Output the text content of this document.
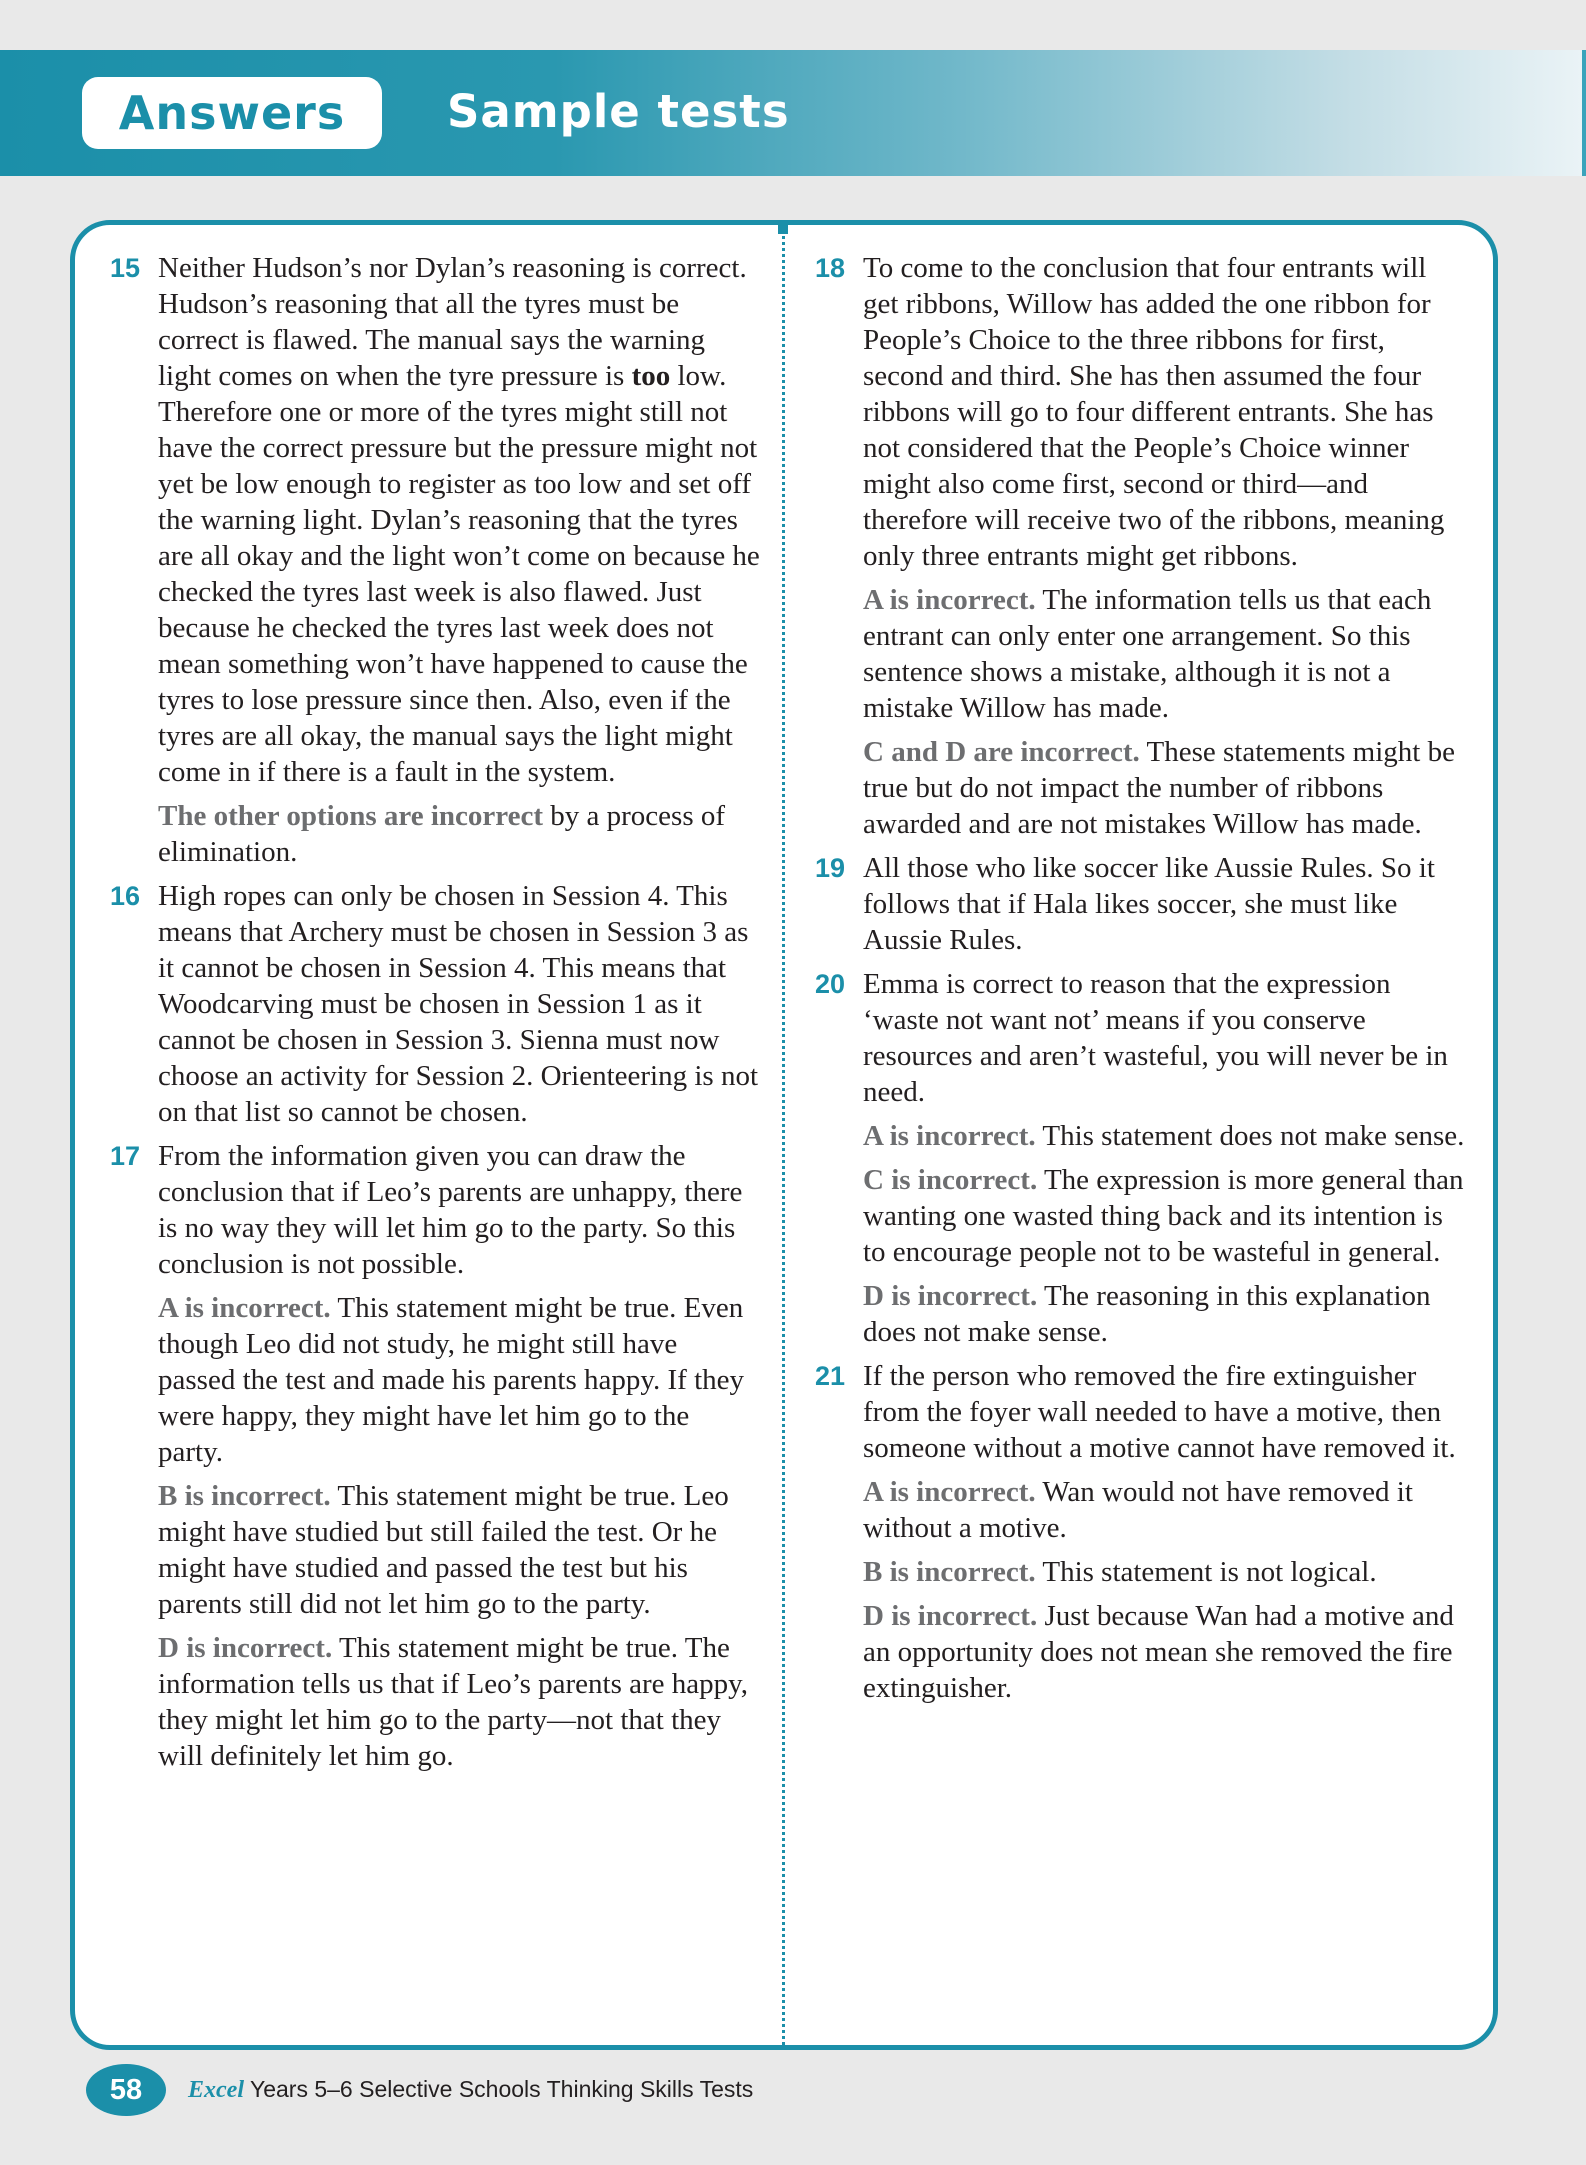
Answers	Sample tests
15 Neither Hudson’s nor Dylan’s reasoning is correct. Hudson’s reasoning that all the tyres must be correct is flawed. The manual says the warning light comes on when the tyre pressure is too low. Therefore one or more of the tyres might still not have the correct pressure but the pressure might not yet be low enough to register as too low and set off the warning light. Dylan’s reasoning that the tyres are all okay and the light won’t come on because he checked the tyres last week is also flawed. Just because he checked the tyres last week does not mean something won’t have happened to cause the tyres to lose pressure since then. Also, even if the tyres are all okay, the manual says the light might come in if there is a fault in the system.

The other options are incorrect by a process of elimination.

16 High ropes can only be chosen in Session 4. This means that Archery must be chosen in Session 3 as it cannot be chosen in Session 4. This means that Woodcarving must be chosen in Session 1 as it cannot be chosen in Session 3. Sienna must now choose an activity for Session 2. Orienteering is not on that list so cannot be chosen.

17 From the information given you can draw the conclusion that if Leo’s parents are unhappy, there is no way they will let him go to the party. So this conclusion is not possible.

A is incorrect. This statement might be true. Even though Leo did not study, he might still have passed the test and made his parents happy. If they were happy, they might have let him go to the party.

B is incorrect. This statement might be true. Leo might have studied but still failed the test. Or he might have studied and passed the test but his parents still did not let him go to the party.

D is incorrect. This statement might be true. The information tells us that if Leo’s parents are happy, they might let him go to the party—not that they will definitely let him go.

18 To come to the conclusion that four entrants will get ribbons, Willow has added the one ribbon for People’s Choice to the three ribbons for first, second and third. She has then assumed the four ribbons will go to four different entrants. She has not considered that the People’s Choice winner might also come first, second or third—and therefore will receive two of the ribbons, meaning only three entrants might get ribbons.

A is incorrect. The information tells us that each entrant can only enter one arrangement. So this sentence shows a mistake, although it is not a mistake Willow has made.

C and D are incorrect. These statements might be true but do not impact the number of ribbons awarded and are not mistakes Willow has made.

19 All those who like soccer like Aussie Rules. So it follows that if Hala likes soccer, she must like Aussie Rules.

20 Emma is correct to reason that the expression ‘waste not want not’ means if you conserve resources and aren’t wasteful, you will never be in need.

A is incorrect. This statement does not make sense.

C is incorrect. The expression is more general than wanting one wasted thing back and its intention is to encourage people not to be wasteful in general.

D is incorrect. The reasoning in this explanation does not make sense.

21 If the person who removed the fire extinguisher from the foyer wall needed to have a motive, then someone without a motive cannot have removed it.

A is incorrect. Wan would not have removed it without a motive.

B is incorrect. This statement is not logical.

D is incorrect. Just because Wan had a motive and an opportunity does not mean she removed the fire extinguisher.

58	Excel Years 5–6 Selective Schools Thinking Skills Tests
